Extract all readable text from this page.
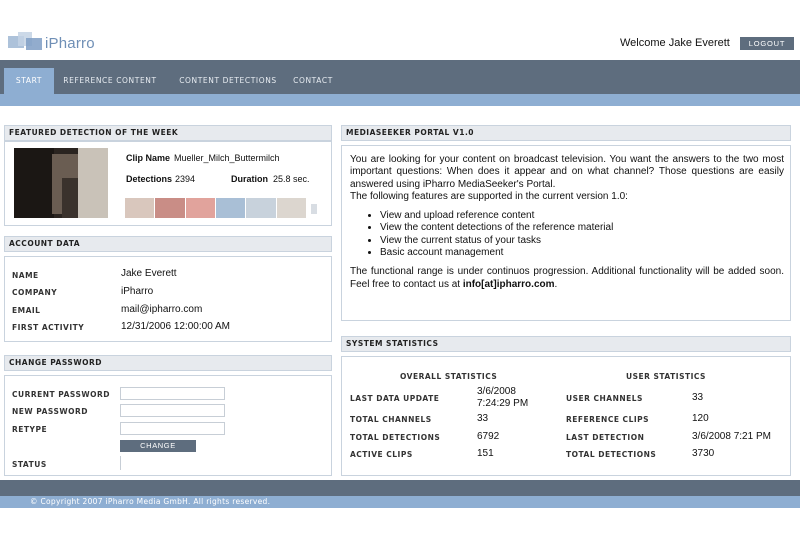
iPharro	Welcome Jake Everett	LOGOUT
START	REFERENCE CONTENT	CONTENT DETECTIONS	CONTACT
FEATURED DETECTION OF THE WEEK
Clip Name Mueller_Milch_Buttermilch
Detections 2394	Duration 25.8 sec.
ACCOUNT DATA
NAME	Jake Everett
COMPANY	iPharro
EMAIL	mail@ipharro.com
FIRST ACTIVITY	12/31/2006 12:00:00 AM
CHANGE PASSWORD
CURRENT PASSWORD
NEW PASSWORD
RETYPE
CHANGE
STATUS
MEDIASEEKER PORTAL V1.0

You are looking for your content on broadcast television. You want the answers to the two most important questions: When does it appear and on what channel? Those questions are easily answered using iPharro MediaSeeker's Portal.

The following features are supported in the current version 1.0:

• View and upload reference content
• View the content detections of the reference material
• View the current status of your tasks
• Basic account management

The functional range is under continuos progression. Additional functionality will be added soon. Feel free to contact us at info[at]ipharro.com.

SYSTEM STATISTICS
OVERALL STATISTICS	USER STATISTICS
LAST DATA UPDATE
3/6/2008
7:24:29 PM
TOTAL CHANNELS	33
TOTAL DETECTIONS	6792
ACTIVE CLIPS	151
USER CHANNELS	33
REFERENCE CLIPS	120
LAST DETECTION	3/6/2008 7:21 PM
TOTAL DETECTIONS	3730
© Copyright 2007 iPharro Media GmbH. All rights reserved.
